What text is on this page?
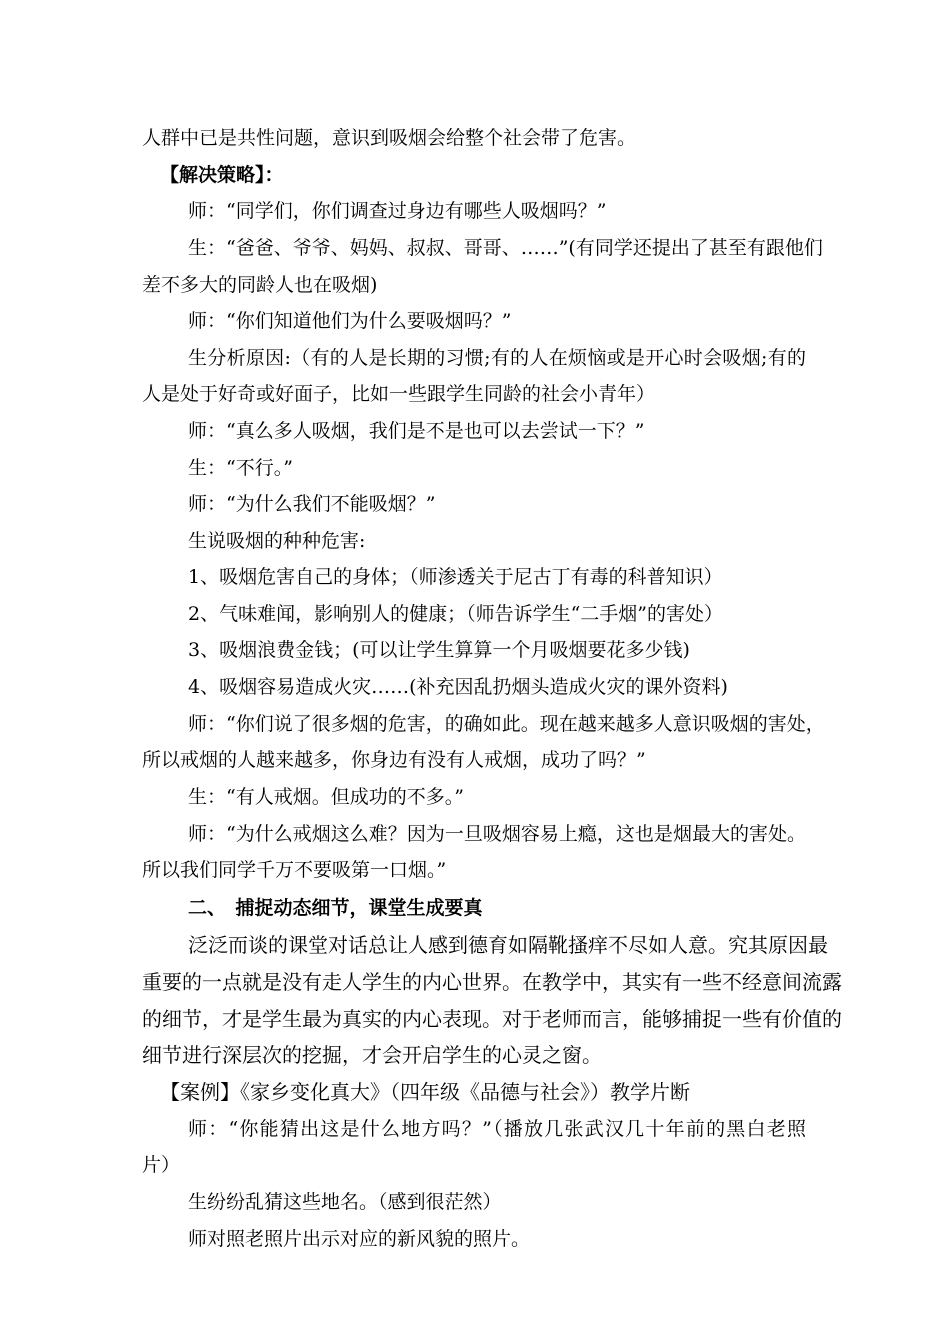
人群中已是共性问题，意识到吸烟会给整个社会带了危害。

【解决策略】：

师：“同学们，你们调查过身边有哪些人吸烟吗？”

生：“爸爸、爷爷、妈妈、叔叔、哥哥、……”(有同学还提出了甚至有跟他们

差不多大的同龄人也在吸烟)

师：“你们知道他们为什么要吸烟吗？”

生分析原因:（有的人是长期的习惯;有的人在烦恼或是开心时会吸烟;有的

人是处于好奇或好面子，比如一些跟学生同龄的社会小青年）

师：“真么多人吸烟，我们是不是也可以去尝试一下？”

生：“不行。”

师：“为什么我们不能吸烟？”

生说吸烟的种种危害:

1、吸烟危害自己的身体；（师渗透关于尼古丁有毒的科普知识）

2、气味难闻，影响别人的健康；（师告诉学生“二手烟”的害处）

3、吸烟浪费金钱；(可以让学生算算一个月吸烟要花多少钱)

4、吸烟容易造成火灾……(补充因乱扔烟头造成火灾的课外资料)

师：“你们说了很多烟的危害，的确如此。现在越来越多人意识吸烟的害处，

所以戒烟的人越来越多，你身边有没有人戒烟，成功了吗？”

生：“有人戒烟。但成功的不多。”

师：“为什么戒烟这么难？因为一旦吸烟容易上瘾，这也是烟最大的害处。

所以我们同学千万不要吸第一口烟。”

二、　捕捉动态细节，课堂生成要真

泛泛而谈的课堂对话总让人感到德育如隔靴搔痒不尽如人意。究其原因最

重要的一点就是没有走人学生的内心世界。在教学中，其实有一些不经意间流露

的细节，才是学生最为真实的内心表现。对于老师而言，能够捕捉一些有价值的

细节进行深层次的挖掘，才会开启学生的心灵之窗。

【案例】《家乡变化真大》（四年级《品德与社会》）教学片断

师：“你能猜出这是什么地方吗？”（播放几张武汉几十年前的黑白老照

片）

生纷纷乱猜这些地名。（感到很茫然）

师对照老照片出示对应的新风貌的照片。
